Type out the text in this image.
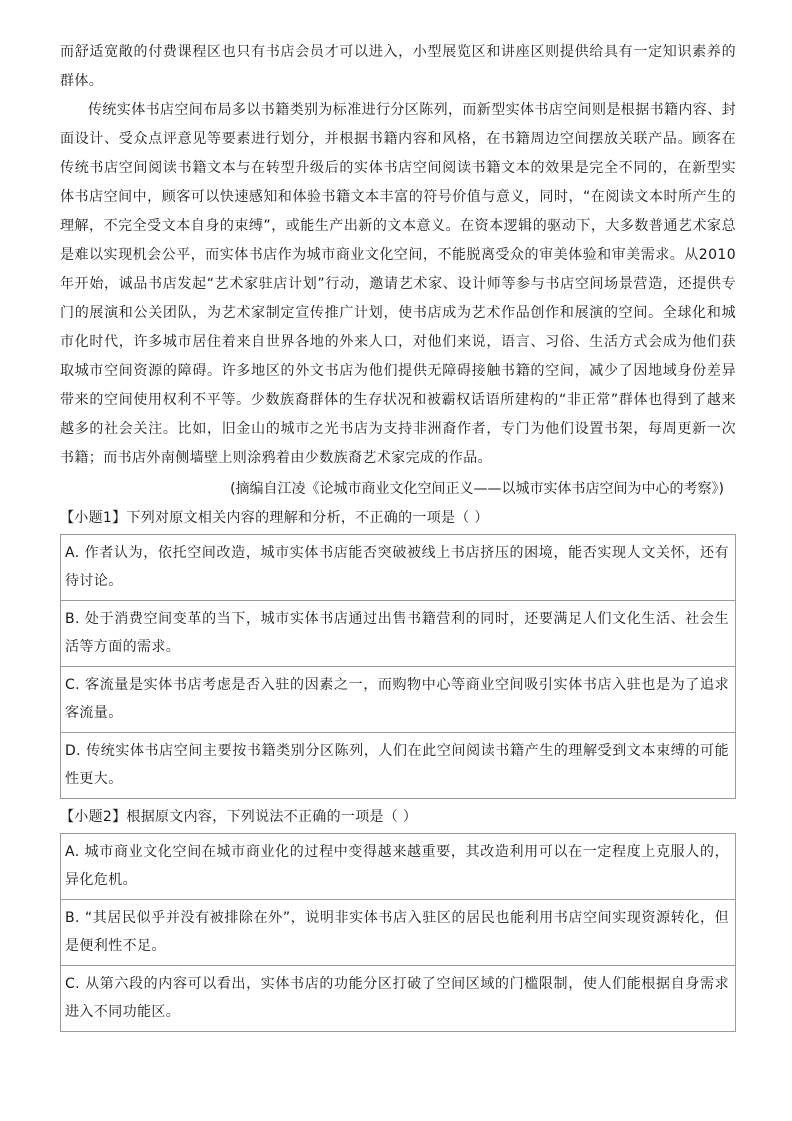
而舒适宽敞的付费课程区也只有书店会员才可以进入，小型展览区和讲座区则提供给具有一定知识素养的群体。

传统实体书店空间布局多以书籍类别为标准进行分区陈列，而新型实体书店空间则是根据书籍内容、封面设计、受众点评意见等要素进行划分，并根据书籍内容和风格，在书籍周边空间摆放关联产品。顾客在传统书店空间阅读书籍文本与在转型升级后的实体书店空间阅读书籍文本的效果是完全不同的，在新型实体书店空间中，顾客可以快速感知和体验书籍文本丰富的符号价值与意义，同时，“在阅读文本时所产生的理解，不完全受文本自身的束缚”，或能生产出新的文本意义。在资本逻辑的驱动下，大多数普通艺术家总是难以实现机会公平，而实体书店作为城市商业文化空间，不能脱离受众的审美体验和审美需求。从2010年开始，诚品书店发起“艺术家驻店计划”行动，邀请艺术家、设计师等参与书店空间场景营造，还提供专门的展演和公关团队，为艺术家制定宣传推广计划，使书店成为艺术作品创作和展演的空间。全球化和城市化时代，许多城市居住着来自世界各地的外来人口，对他们来说，语言、习俗、生活方式会成为他们获取城市空间资源的障碍。许多地区的外文书店为他们提供无障碍接触书籍的空间，减少了因地域身份差异带来的空间使用权利不平等。少数族裔群体的生存状况和被霸权话语所建构的“非正常”群体也得到了越来越多的社会关注。比如，旧金山的城市之光书店为支持非洲裔作者，专门为他们设置书架，每周更新一次书籍；而书店外南侧墙壁上则涂鸦着由少数族裔艺术家完成的作品。

(摘编自江凌《论城市商业文化空间正义——以城市实体书店空间为中心的考察》)

【小题1】下列对原文相关内容的理解和分析，不正确的一项是（ ）

A. 作者认为，依托空间改造，城市实体书店能否突破被线上书店挤压的困境，能否实现人文关怀，还有待讨论。
B. 处于消费空间变革的当下，城市实体书店通过出售书籍营利的同时，还要满足人们文化生活、社会生活等方面的需求。
C. 客流量是实体书店考虑是否入驻的因素之一，而购物中心等商业空间吸引实体书店入驻也是为了追求客流量。
D. 传统实体书店空间主要按书籍类别分区陈列，人们在此空间阅读书籍产生的理解受到文本束缚的可能性更大。

【小题2】根据原文内容，下列说法不正确的一项是（ ）

A. 城市商业文化空间在城市商业化的过程中变得越来越重要，其改造利用可以在一定程度上克服人的，异化危机。
B. “其居民似乎并没有被排除在外”，说明非实体书店入驻区的居民也能利用书店空间实现资源转化，但是便利性不足。
C. 从第六段的内容可以看出，实体书店的功能分区打破了空间区域的门槛限制，使人们能根据自身需求进入不同功能区。
